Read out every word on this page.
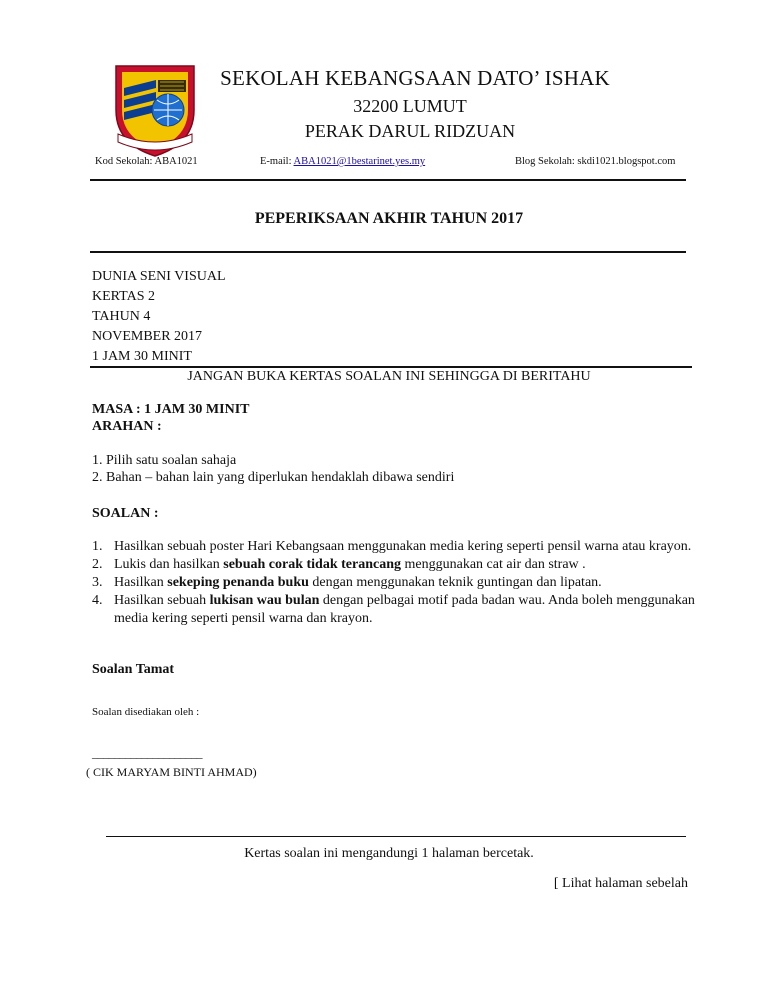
SEKOLAH KEBANGSAAN DATO’ ISHAK
32200 LUMUT
PERAK DARUL RIDZUAN
Kod Sekolah: ABA1021	E-mail: ABA1021@1bestarinet.yes.my	Blog Sekolah: skdi1021.blogspot.com
PEPERIKSAAN AKHIR TAHUN 2017
DUNIA SENI VISUAL
KERTAS 2
TAHUN 4
NOVEMBER 2017
1 JAM 30 MINIT
JANGAN BUKA KERTAS SOALAN INI SEHINGGA DI BERITAHU
MASA : 1 JAM 30 MINIT
ARAHAN :
1. Pilih satu soalan sahaja
2. Bahan – bahan lain yang diperlukan hendaklah dibawa sendiri
SOALAN :
1. Hasilkan sebuah poster Hari Kebangsaan menggunakan media kering seperti pensil warna atau krayon.
2. Lukis dan hasilkan sebuah corak tidak terancang menggunakan cat air dan straw .
3. Hasilkan sekeping penanda buku dengan menggunakan teknik guntingan dan lipatan.
4. Hasilkan sebuah lukisan wau bulan dengan pelbagai motif pada badan wau. Anda boleh menggunakan media kering seperti pensil warna dan krayon.
Soalan Tamat
Soalan disediakan oleh :
____________________
( CIK MARYAM BINTI AHMAD)
Kertas soalan ini mengandungi 1 halaman bercetak.
[ Lihat halaman sebelah
